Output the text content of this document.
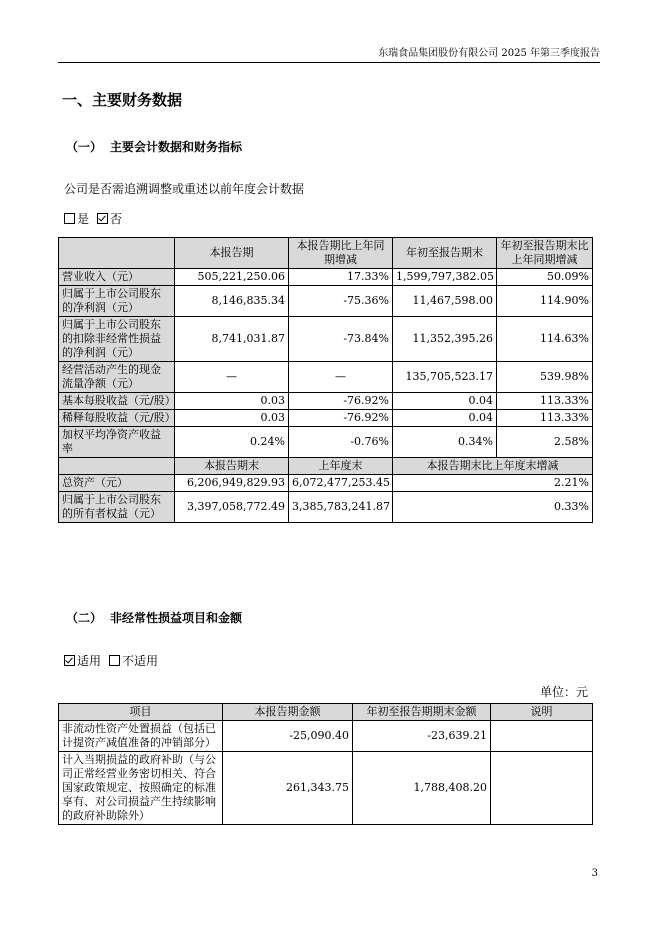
东瑞食品集团股份有限公司 2025 年第三季度报告
一、主要财务数据
（一） 主要会计数据和财务指标
公司是否需追溯调整或重述以前年度会计数据
是 否
	本报告期	本报告期比上年同期增减	年初至报告期末	年初至报告期末比上年同期增减
营业收入（元）	505,221,250.06	17.33%	1,599,797,382.05	50.09%
归属于上市公司股东的净利润（元）	8,146,835.34	-75.36%	11,467,598.00	114.90%
归属于上市公司股东的扣除非经常性损益的净利润（元）	8,741,031.87	-73.84%	11,352,395.26	114.63%
经营活动产生的现金流量净额（元）	—	—	135,705,523.17	539.98%
基本每股收益（元/股）	0.03	-76.92%	0.04	113.33%
稀释每股收益（元/股）	0.03	-76.92%	0.04	113.33%
加权平均净资产收益率	0.24%	-0.76%	0.34%	2.58%
	本报告期末	上年度末	本报告期末比上年度末增减	
总资产（元）	6,206,949,829.93	6,072,477,253.45	2.21%	
归属于上市公司股东的所有者权益（元）	3,397,058,772.49	3,385,783,241.87	0.33%	
（二） 非经常性损益项目和金额
适用 不适用
单位：元
项目	本报告期金额	年初至报告期期末金额	说明
非流动性资产处置损益（包括已计提资产减值准备的冲销部分）	-25,090.40	-23,639.21	
计入当期损益的政府补助（与公司正常经营业务密切相关、符合国家政策规定、按照确定的标准享有、对公司损益产生持续影响的政府补助除外）	261,343.75	1,788,408.20	
3
